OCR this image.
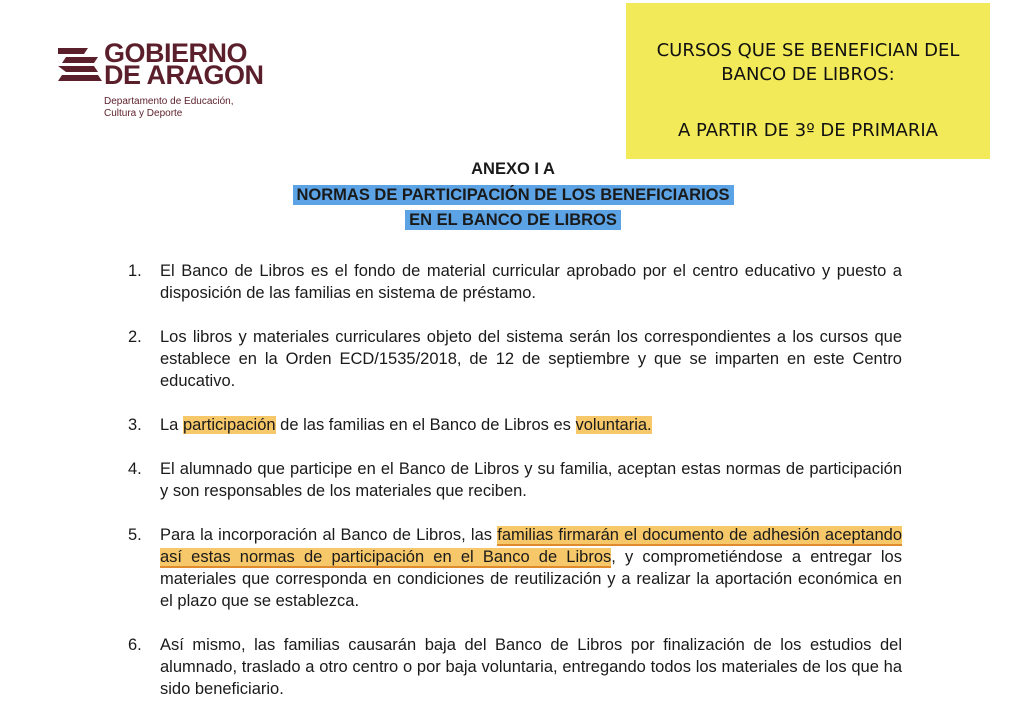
GOBIERNO
DE ARAGON
Departamento de Educación,
Cultura y Deporte
CURSOS QUE SE BENEFICIAN DEL
BANCO DE LIBROS:
A PARTIR DE 3º DE PRIMARIA
ANEXO I A
NORMAS DE PARTICIPACIÓN DE LOS BENEFICIARIOS
EN EL BANCO DE LIBROS
1. El Banco de Libros es el fondo de material curricular aprobado por el centro educativo y puesto a disposición de las familias en sistema de préstamo.
2. Los libros y materiales curriculares objeto del sistema serán los correspondientes a los cursos que establece en la Orden ECD/1535/2018, de 12 de septiembre y que se imparten en este Centro educativo.
3. La participación de las familias en el Banco de Libros es voluntaria.
4. El alumnado que participe en el Banco de Libros y su familia, aceptan estas normas de participación y son responsables de los materiales que reciben.
5. Para la incorporación al Banco de Libros, las familias firmarán el documento de adhesión aceptando así estas normas de participación en el Banco de Libros, y comprometiéndose a entregar los materiales que corresponda en condiciones de reutilización y a realizar la aportación económica en el plazo que se establezca.
6. Así mismo, las familias causarán baja del Banco de Libros por finalización de los estudios del alumnado, traslado a otro centro o por baja voluntaria, entregando todos los materiales de los que ha sido beneficiario.
